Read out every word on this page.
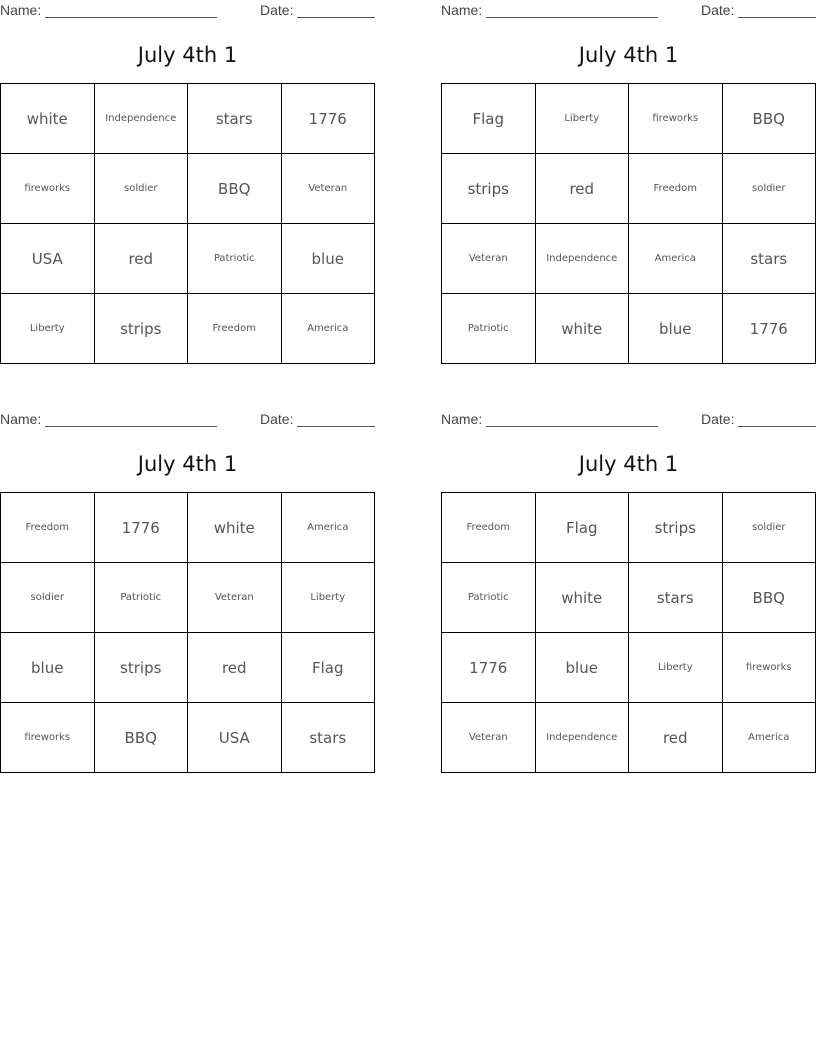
Name:	Date:
July 4th 1
white	Independence	stars	1776
fireworks	soldier	BBQ	Veteran
USA	red	Patriotic	blue
Liberty	strips	Freedom	America
Name:	Date:
July 4th 1
Flag	Liberty	fireworks	BBQ
strips	red	Freedom	soldier
Veteran	Independence	America	stars
Patriotic	white	blue	1776
Name:	Date:
July 4th 1
Freedom	1776	white	America
soldier	Patriotic	Veteran	Liberty
blue	strips	red	Flag
fireworks	BBQ	USA	stars
Name:	Date:
July 4th 1
Freedom	Flag	strips	soldier
Patriotic	white	stars	BBQ
1776	blue	Liberty	fireworks
Veteran	Independence	red	America
